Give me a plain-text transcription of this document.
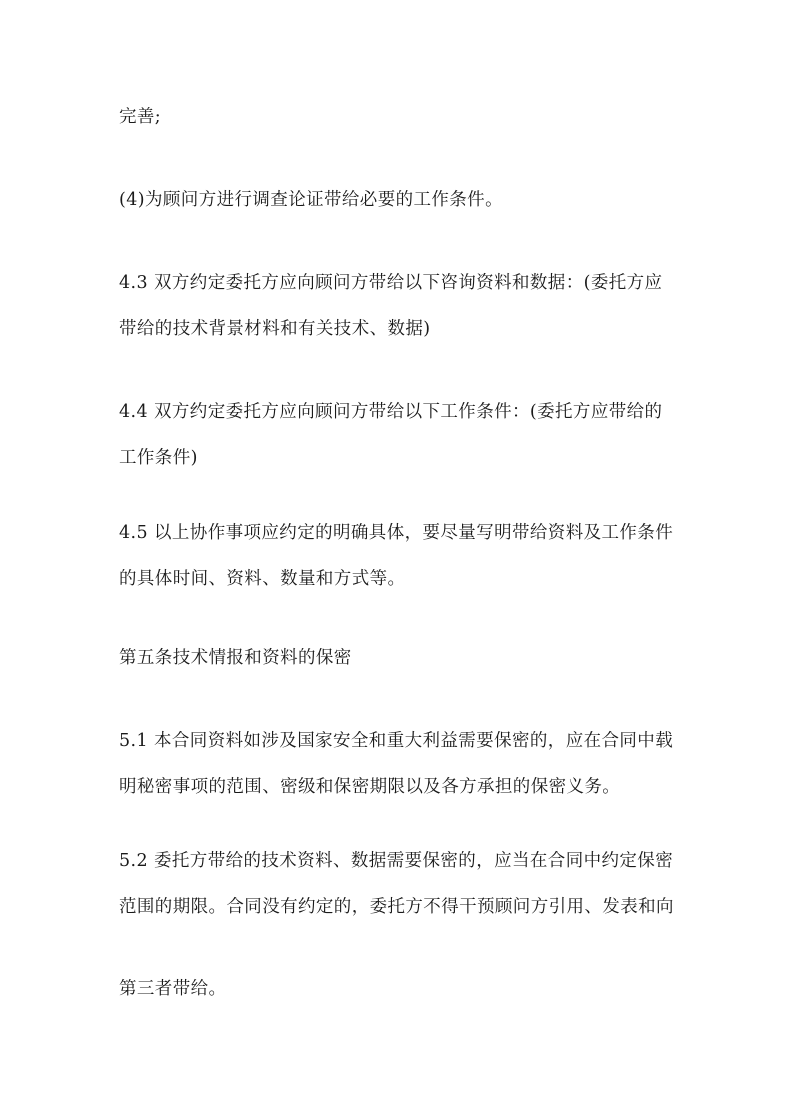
完善;

(4)为顾问方进行调查论证带给必要的工作条件。

4.3 双方约定委托方应向顾问方带给以下咨询资料和数据：(委托方应带给的技术背景材料和有关技术、数据)

4.4 双方约定委托方应向顾问方带给以下工作条件：(委托方应带给的工作条件)

4.5 以上协作事项应约定的明确具体，要尽量写明带给资料及工作条件的具体时间、资料、数量和方式等。

第五条技术情报和资料的保密

5.1 本合同资料如涉及国家安全和重大利益需要保密的，应在合同中载明秘密事项的范围、密级和保密期限以及各方承担的保密义务。

5.2 委托方带给的技术资料、数据需要保密的，应当在合同中约定保密范围的期限。合同没有约定的，委托方不得干预顾问方引用、发表和向

第三者带给。
